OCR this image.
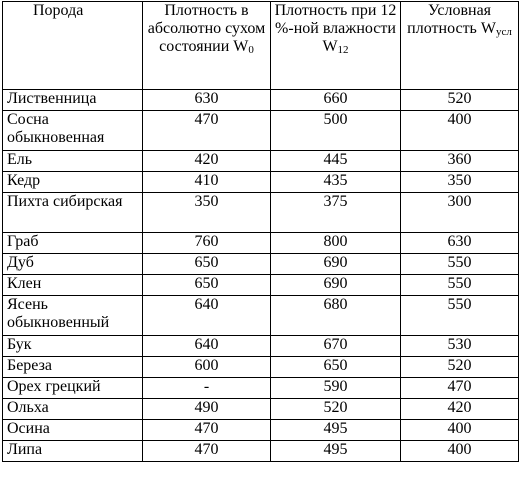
Порода	Плотность в абсолютно сухом состоянии W0	Плотность при 12 %-ной влажности W12	Условная плотность Wусл
Лиственница	630	660	520
Сосна обыкновенная	470	500	400
Ель	420	445	360
Кедр	410	435	350
Пихта сибирская	350	375	300
Граб	760	800	630
Дуб	650	690	550
Клен	650	690	550
Ясень обыкновенный	640	680	550
Бук	640	670	530
Береза	600	650	520
Орех грецкий	-	590	470
Ольха	490	520	420
Осина	470	495	400
Липа	470	495	400
